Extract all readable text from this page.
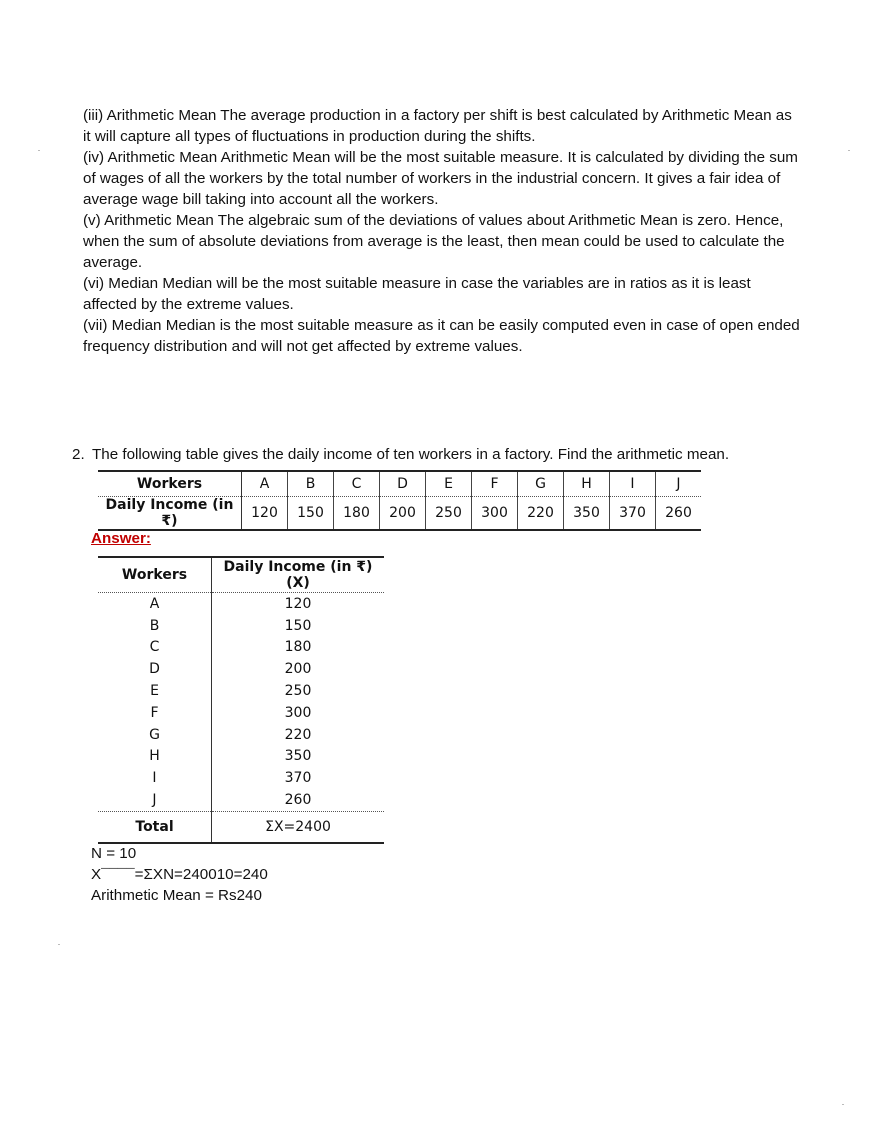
(iii) Arithmetic Mean The average production in a factory per shift is best calculated by Arithmetic Mean as it will capture all types of fluctuations in production during the shifts.

(iv) Arithmetic Mean Arithmetic Mean will be the most suitable measure. It is calculated by dividing the sum of wages of all the workers by the total number of workers in the industrial concern. It gives a fair idea of average wage bill taking into account all the workers.

(v) Arithmetic Mean The algebraic sum of the deviations of values about Arithmetic Mean is zero. Hence, when the sum of absolute deviations from average is the least, then mean could be used to calculate the average.

(vi) Median Median will be the most suitable measure in case the variables are in ratios as it is least affected by the extreme values.

(vii) Median Median is the most suitable measure as it can be easily computed even in case of open ended frequency distribution and will not get affected by extreme values.

2. The following table gives the daily income of ten workers in a factory. Find the arithmetic mean.
Workers	A	B	C	D	E	F	G	H	I	J
Daily Income (in ₹)	120	150	180	200	250	300	220	350	370	260
Answer:
Workers	Daily Income (in ₹) (X)
A	120
B	150
C	180
D	200
E	250
F	300
G	220
H	350
I	370
J	260
Total	ΣX=2400

N = 10

X¯¯¯¯=ΣXN=240010=240

Arithmetic Mean = Rs240
